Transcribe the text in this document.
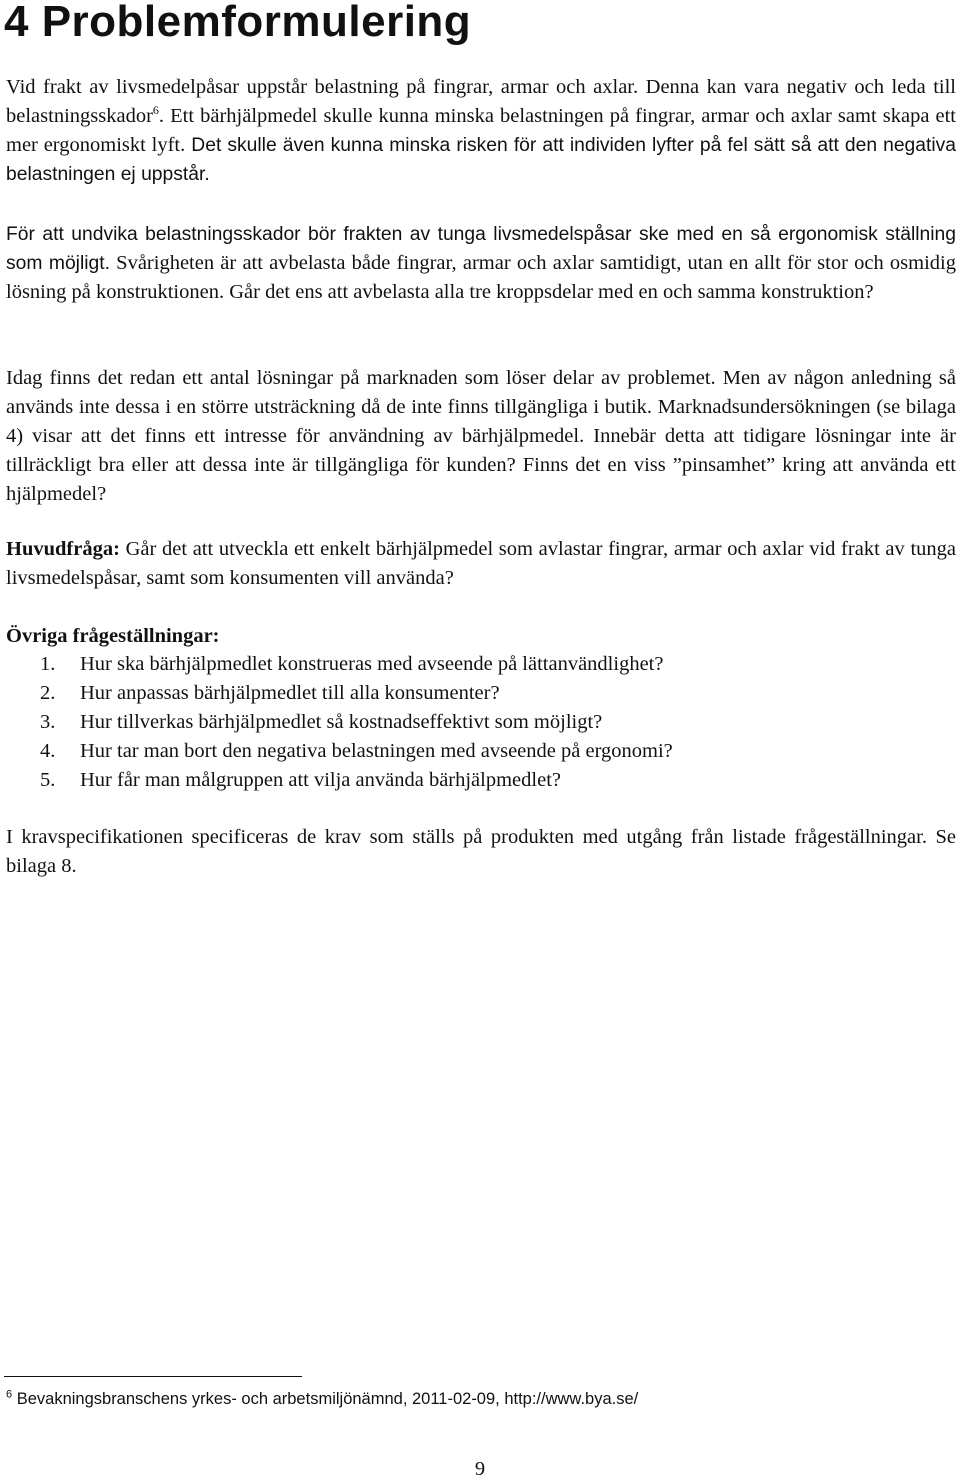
4 Problemformulering

Vid frakt av livsmedelpåsar uppstår belastning på fingrar, armar och axlar. Denna kan vara negativ och leda till belastningsskador$^6$. Ett bärhjälpmedel skulle kunna minska belastningen på fingrar, armar och axlar samt skapa ett mer ergonomiskt lyft. Det skulle även kunna minska risken för att individen lyfter på fel sätt så att den negativa belastningen ej uppstår.

För att undvika belastningsskador bör frakten av tunga livsmedelspåsar ske med en så ergonomisk ställning som möjligt. Svårigheten är att avbelasta både fingrar, armar och axlar samtidigt, utan en allt för stor och osmidig lösning på konstruktionen. Går det ens att avbelasta alla tre kroppsdelar med en och samma konstruktion?

Idag finns det redan ett antal lösningar på marknaden som löser delar av problemet. Men av någon anledning så används inte dessa i en större utsträckning då de inte finns tillgängliga i butik. Marknadsundersökningen (se bilaga 4) visar att det finns ett intresse för användning av bärhjälpmedel. Innebär detta att tidigare lösningar inte är tillräckligt bra eller att dessa inte är tillgängliga för kunden? Finns det en viss ”pinsamhet” kring att använda ett hjälpmedel?

Huvudfråga: Går det att utveckla ett enkelt bärhjälpmedel som avlastar fingrar, armar och axlar vid frakt av tunga livsmedelspåsar, samt som konsumenten vill använda?

Övriga frågeställningar:

1. Hur ska bärhjälpmedlet konstrueras med avseende på lättanvändlighet?
2. Hur anpassas bärhjälpmedlet till alla konsumenter?
3. Hur tillverkas bärhjälpmedlet så kostnadseffektivt som möjligt?
4. Hur tar man bort den negativa belastningen med avseende på ergonomi?
5. Hur får man målgruppen att vilja använda bärhjälpmedlet?

I kravspecifikationen specificeras de krav som ställs på produkten med utgång från listade frågeställningar. Se bilaga 8.

$^6$ Bevakningsbranschens yrkes- och arbetsmiljönämnd, 2011-02-09, http://www.bya.se/

9
